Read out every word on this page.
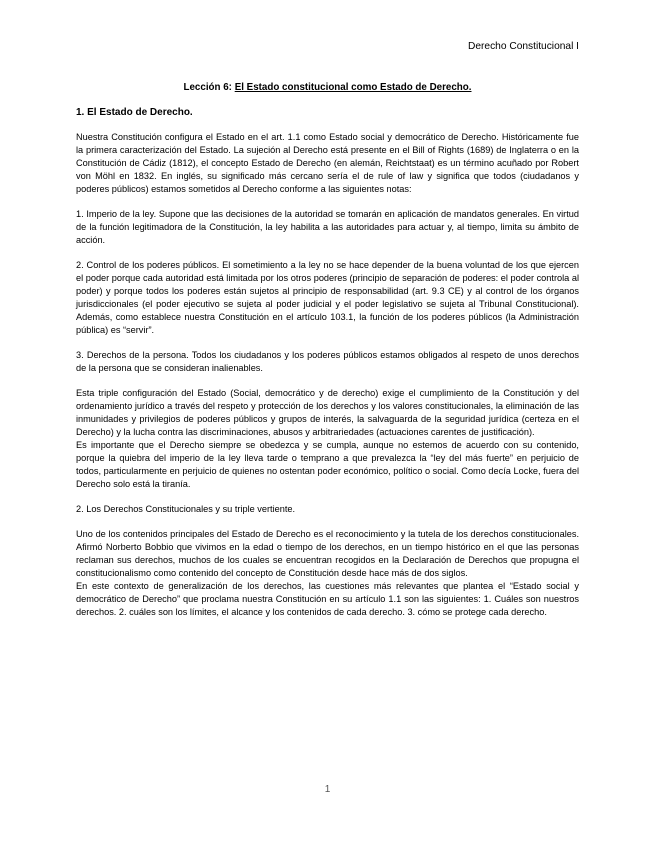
Derecho Constitucional I
Lección 6: El Estado constitucional como Estado de Derecho.

1. El Estado de Derecho.

Nuestra Constitución configura el Estado en el art. 1.1 como Estado social y democrático de Derecho. Históricamente fue la primera caracterización del Estado. La sujeción al Derecho está presente en el Bill of Rights (1689) de Inglaterra o en la Constitución de Cádiz (1812), el concepto Estado de Derecho (en alemán, Reichtstaat) es un término acuñado por Robert von Möhl en 1832. En inglés, su significado más cercano sería el de rule of law y significa que todos (ciudadanos y poderes públicos) estamos sometidos al Derecho conforme a las siguientes notas:

1. Imperio de la ley. Supone que las decisiones de la autoridad se tomarán en aplicación de mandatos generales. En virtud de la función legitimadora de la Constitución, la ley habilita a las autoridades para actuar y, al tiempo, limita su ámbito de acción.

2. Control de los poderes públicos. El sometimiento a la ley no se hace depender de la buena voluntad de los que ejercen el poder porque cada autoridad está limitada por los otros poderes (principio de separación de poderes: el poder controla al poder) y porque todos los poderes están sujetos al principio de responsabilidad (art. 9.3 CE) y al control de los órganos jurisdiccionales (el poder ejecutivo se sujeta al poder judicial y el poder legislativo se sujeta al Tribunal Constitucional). Además, como establece nuestra Constitución en el artículo 103.1, la función de los poderes públicos (la Administración pública) es “servir”.

3. Derechos de la persona. Todos los ciudadanos y los poderes públicos estamos obligados al respeto de unos derechos de la persona que se consideran inalienables.

Esta triple configuración del Estado (Social, democrático y de derecho) exige el cumplimiento de la Constitución y del ordenamiento jurídico a través del respeto y protección de los derechos y los valores constitucionales, la eliminación de las inmunidades y privilegios de poderes públicos y grupos de interés, la salvaguarda de la seguridad jurídica (certeza en el Derecho) y la lucha contra las discriminaciones, abusos y arbitrariedades (actuaciones carentes de justificación).

Es importante que el Derecho siempre se obedezca y se cumpla, aunque no estemos de acuerdo con su contenido, porque la quiebra del imperio de la ley lleva tarde o temprano a que prevalezca la “ley del más fuerte” en perjuicio de todos, particularmente en perjuicio de quienes no ostentan poder económico, político o social. Como decía Locke, fuera del Derecho solo está la tiranía.

2. Los Derechos Constitucionales y su triple vertiente.

Uno de los contenidos principales del Estado de Derecho es el reconocimiento y la tutela de los derechos constitucionales. Afirmó Norberto Bobbio que vivimos en la edad o tiempo de los derechos, en un tiempo histórico en el que las personas reclaman sus derechos, muchos de los cuales se encuentran recogidos en la Declaración de Derechos que propugna el constitucionalismo como contenido del concepto de Constitución desde hace más de dos siglos.

En este contexto de generalización de los derechos, las cuestiones más relevantes que plantea el “Estado social y democrático de Derecho” que proclama nuestra Constitución en su artículo 1.1 son las siguientes: 1. Cuáles son nuestros derechos. 2. cuáles son los límites, el alcance y los contenidos de cada derecho. 3. cómo se protege cada derecho.

1
